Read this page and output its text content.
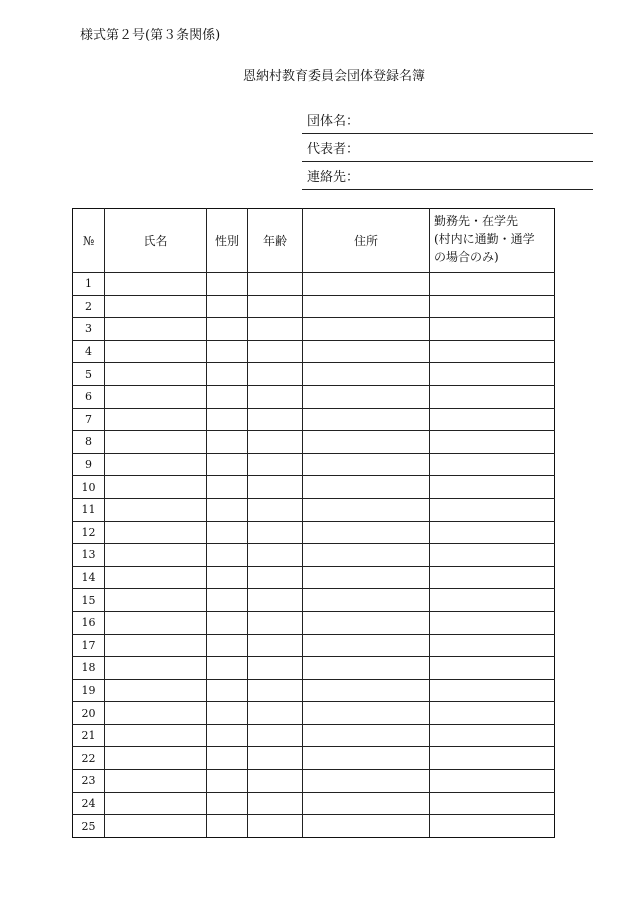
様式第２号(第３条関係)
恩納村教育委員会団体登録名簿
団体名：
代表者：
連絡先：
№	氏名	性別	年齢	住所	勤務先・在学先
(村内に通勤・通学
の場合のみ)

1					
2					
3					
4					
5					
6					
7					
8					
9					
10					
11					
12					
13					
14					
15					
16					
17					
18					
19					
20					
21					
22					
23					
24					
25					
